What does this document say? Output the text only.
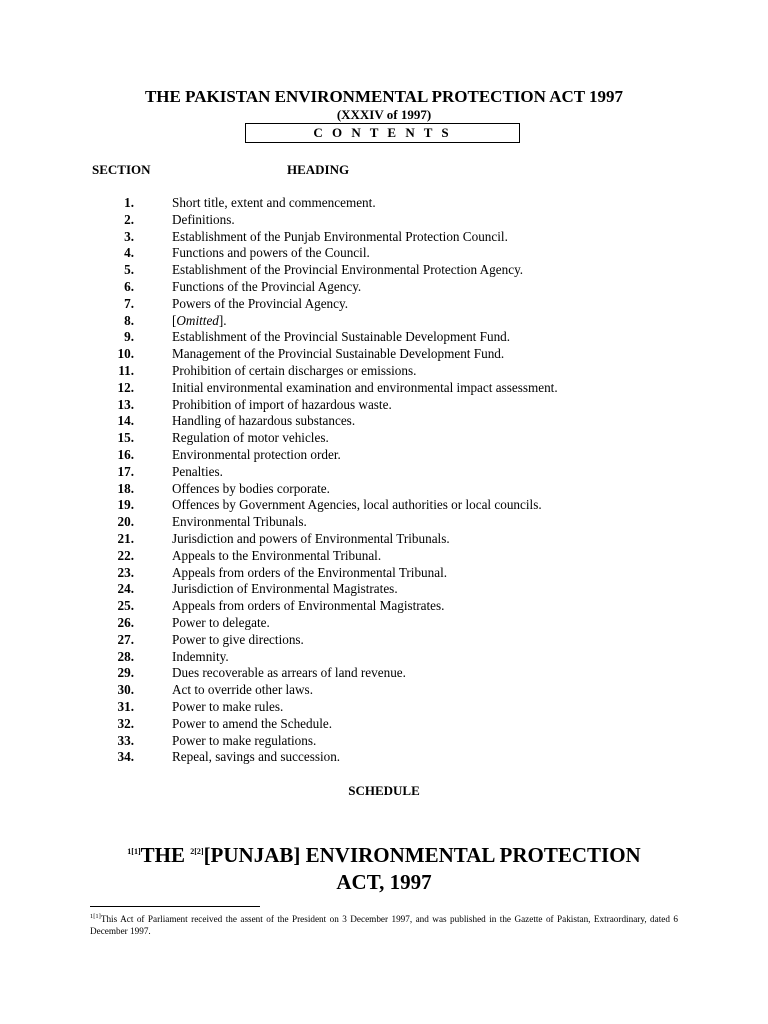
THE PAKISTAN ENVIRONMENTAL PROTECTION ACT 1997
(XXXIV of 1997)
C O N T E N T S
SECTION	HEADING
1.	Short title, extent and commencement.
2.	Definitions.
3.	Establishment of the Punjab Environmental Protection Council.
4.	Functions and powers of the Council.
5.	Establishment of the Provincial Environmental Protection Agency.
6.	Functions of the Provincial Agency.
7.	Powers of the Provincial Agency.
8.	[Omitted].
9.	Establishment of the Provincial Sustainable Development Fund.
10.	Management of the Provincial Sustainable Development Fund.
11.	Prohibition of certain discharges or emissions.
12.	Initial environmental examination and environmental impact assessment.
13.	Prohibition of import of hazardous waste.
14.	Handling of hazardous substances.
15.	Regulation of motor vehicles.
16.	Environmental protection order.
17.	Penalties.
18.	Offences by bodies corporate.
19.	Offences by Government Agencies, local authorities or local councils.
20.	Environmental Tribunals.
21.	Jurisdiction and powers of Environmental Tribunals.
22.	Appeals to the Environmental Tribunal.
23.	Appeals from orders of the Environmental Tribunal.
24.	Jurisdiction of Environmental Magistrates.
25.	Appeals from orders of Environmental Magistrates.
26.	Power to delegate.
27.	Power to give directions.
28.	Indemnity.
29.	Dues recoverable as arrears of land revenue.
30.	Act to override other laws.
31.	Power to make rules.
32.	Power to amend the Schedule.
33.	Power to make regulations.
34.	Repeal, savings and succession.
SCHEDULE
$^{1[1]}$THE $^{2[2]}$[PUNJAB] ENVIRONMENTAL PROTECTION
ACT, 1997
$^{1[1]}$This Act of Parliament received the assent of the President on 3 December 1997, and was published in the Gazette of Pakistan, Extraordinary, dated 6 December 1997.
